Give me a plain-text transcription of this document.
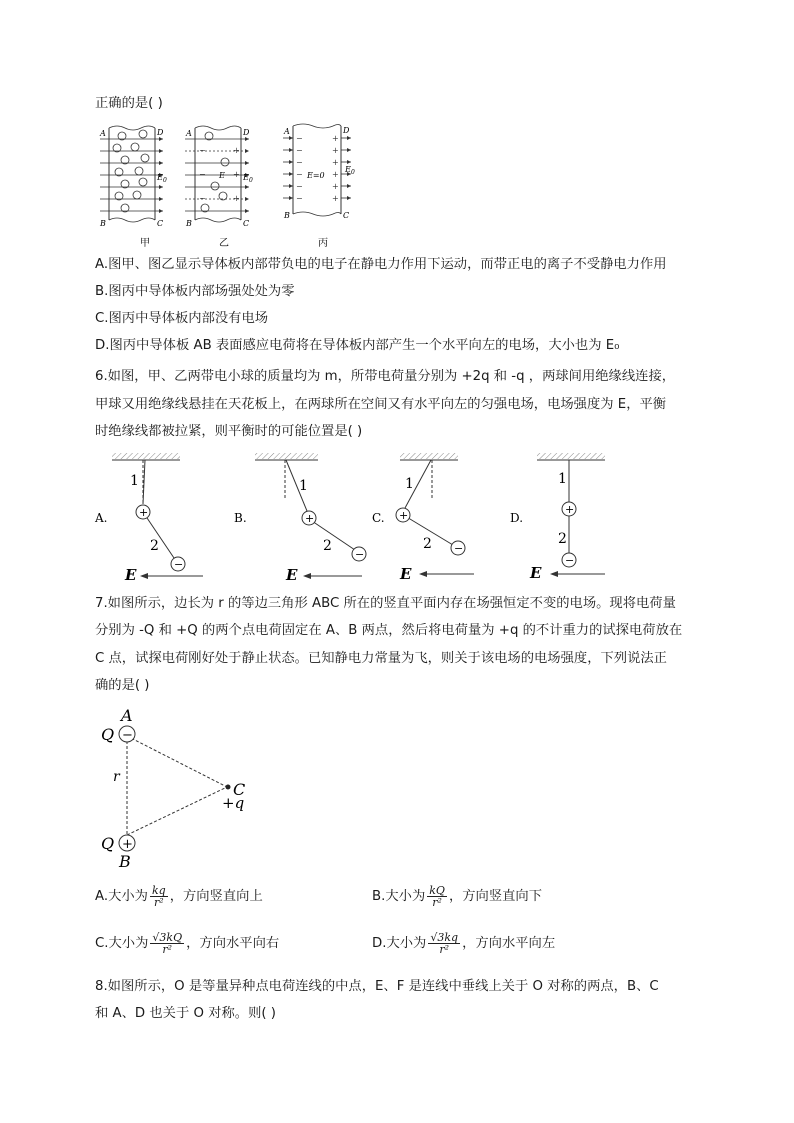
正确的是( )
A	D
E 0
B	C
甲
−
−
−
+
+
+
E
A	D
E 0
B	C
乙
−
−
−
−
−
−
+
+
+
+
+
+
E=0
A	D
E 0
B	C
丙
A.图甲、图乙显示导体板内部带负电的电子在静电力作用下运动，而带正电的离子不受静电力作用
B.图丙中导体板内部场强处处为零
C.图丙中导体板内部没有电场
D.图丙中导体板 AB 表面感应电荷将在导体板内部产生一个水平向左的电场，大小也为 E₀
6.如图，甲、乙两带电小球的质量均为 m，所带电荷量分别为 +2q 和 -q ，两球间用绝缘线连接，
甲球又用绝缘线悬挂在天花板上，在两球所在空间又有水平向左的匀强电场，电场强度为 E，平衡
时绝缘线都被拉紧，则平衡时的可能位置是( )
+
−
1
2
E
A.	+
−
1
2
E
B.	+
−
1
2
E
C.
+
−
1
2
E
D.
7.如图所示，边长为 r 的等边三角形 ABC 所在的竖直平面内存在场强恒定不变的电场。现将电荷量
分别为 -Q 和 +Q 的两个点电荷固定在 A、B 两点，然后将电荷量为 +q 的不计重力的试探电荷放在
C 点，试探电荷刚好处于静止状态。已知静电力常量为飞，则关于该电场的电场强度，下列说法正
确的是( )
−
+
A
Q
Q
B
C
+q
r
A.大小为 $\frac{kq}{\text{r²}}$ ，方向竖直向上	B.大小为 $\frac{kQ}{\text{r²}}$ ，方向竖直向下
C.大小为 $\frac{√3kQ}{\text{r²}}$ ，方向水平向右	D.大小为 $\frac{√3kq}{\text{r²}}$ ，方向水平向左
8.如图所示，O 是等量异种点电荷连线的中点，E、F 是连线中垂线上关于 O 对称的两点，B、C
和 A、D 也关于 O 对称。则( )
